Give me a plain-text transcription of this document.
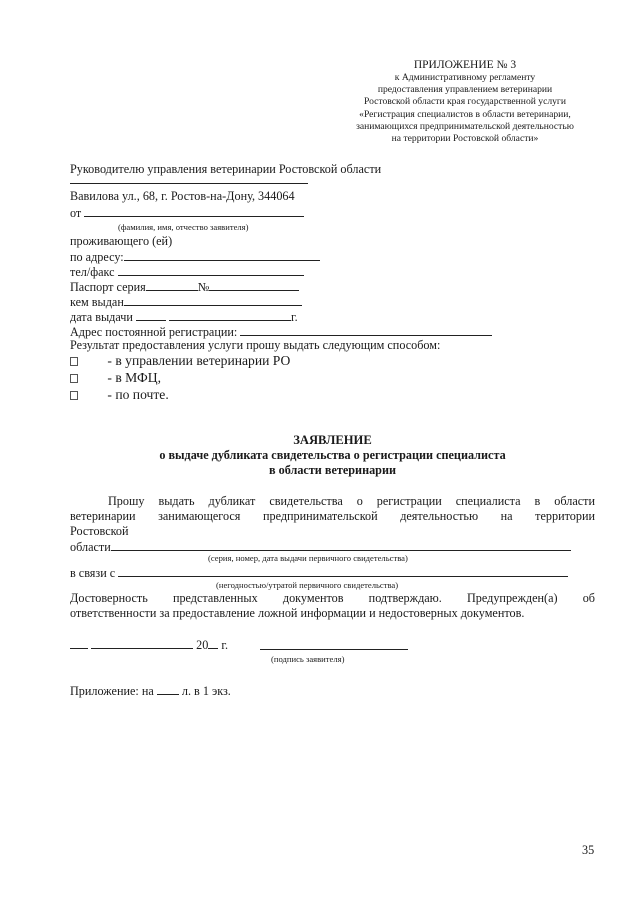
ПРИЛОЖЕНИЕ № 3
к Административному регламенту
предоставления управлением ветеринарии
Ростовской области края государственной услуги
«Регистрация специалистов в области ветеринарии,
занимающихся предпринимательской деятельностью
на территории Ростовской области»
Руководителю управления ветеринарии Ростовской области
Вавилова ул., 68, г. Ростов-на-Дону, 344064
от
(фамилия, имя, отчество заявителя)
проживающего (ей)
по адресу:
тел/факс
Паспорт серия	№
кем выдан
дата выдачи	г.
Адрес постоянной регистрации:
Результат предоставления услуги прошу выдать следующим способом:
- в управлении ветеринарии РО
- в МФЦ,
- по почте.
ЗАЯВЛЕНИЕ
о выдаче дубликата свидетельства о регистрации специалиста
в области ветеринарии
Прошу выдать дубликат свидетельства о регистрации специалиста в области
ветеринарии занимающегося предпринимательской деятельностью на территории
Ростовской
области
(серия, номер, дата выдачи первичного свидетельства)
в связи с
(негодностью/утратой первичного свидетельства)
Достоверность представленных документов подтверждаю. Предупрежден(а) об
ответственности за предоставление ложной информации и недостоверных документов.
20 г.
(подпись заявителя)
Приложение: на л. в 1 экз.
35
